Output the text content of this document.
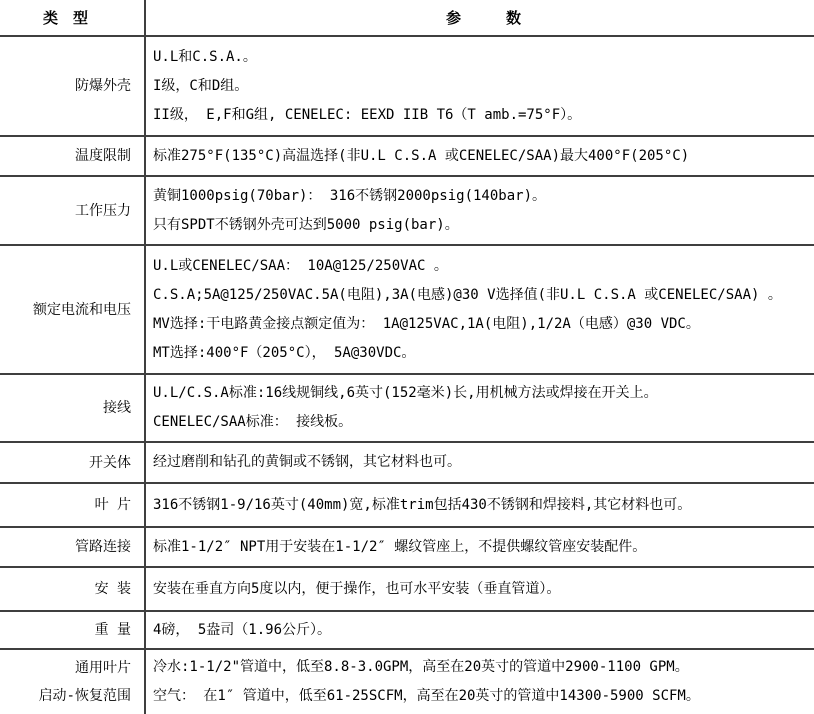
类　型	参　　　数
防爆外壳
U.L和C.S.A.。
I级，C和D组。
II级， E,F和G组, CENELEC: EEXD IIB T6（T amb.=75°F）。
温度限制 标准275°F(135°C)高温选择(非U.L C.S.A 或CENELEC/SAA)最大400°F(205°C)
工作压力
黄铜1000psig(70bar)： 316不锈钢2000psig(140bar)。
只有SPDT不锈钢外壳可达到5000 psig(bar)。
额定电流和电压
U.L或CENELEC/SAA： 10A@125/250VAC 。
C.S.A;5A@125/250VAC.5A(电阻),3A(电感)@30 V选择值(非U.L C.S.A 或CENELEC/SAA) 。
MV选择:干电路黄金接点额定值为： 1A@125VAC,1A(电阻),1/2A（电感）@30 VDC。
MT选择:400°F（205°C）， 5A@30VDC。
接线
U.L/C.S.A标准:16线规铜线,6英寸(152毫米)长,用机械方法或焊接在开关上。
CENELEC/SAA标准： 接线板。
开关体 经过磨削和钻孔的黄铜或不锈钢，其它材料也可。
叶 片 316不锈钢1-9/16英寸(40mm)宽,标准trim包括430不锈钢和焊接料,其它材料也可。
管路连接 标准1-1/2″ NPT用于安装在1-1/2″ 螺纹管座上，不提供螺纹管座安装配件。
安 装 安装在垂直方向5度以内，便于操作，也可水平安装（垂直管道）。
重 量 4磅， 5盎司（1.96公斤）。
通用叶片
启动-恢复范围
冷水:1-1/2"管道中，低至8.8-3.0GPM，高至在20英寸的管道中2900-1100 GPM。
空气： 在1″ 管道中，低至61-25SCFM，高至在20英寸的管道中14300-5900 SCFM。
